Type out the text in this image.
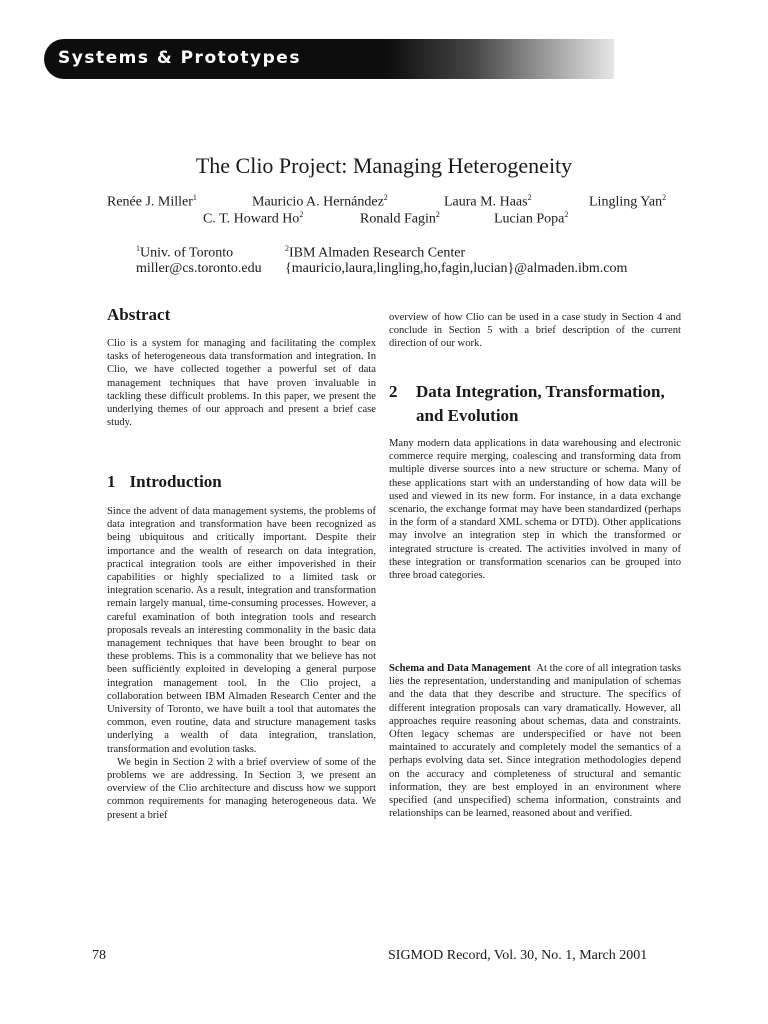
Systems & Prototypes
The Clio Project: Managing Heterogeneity
Renée J. Miller$^1$	Mauricio A. Hernández$^2$	Laura M. Haas$^2$	Lingling Yan$^2$
C. T. Howard Ho$^2$	Ronald Fagin$^2$	Lucian Popa$^2$
$^1$Univ. of Toronto
miller@cs.toronto.edu
$^2$IBM Almaden Research Center
{mauricio,laura,lingling,ho,fagin,lucian}@almaden.ibm.com
Abstract

Clio is a system for managing and facilitating the complex tasks of heterogeneous data transformation and integration. In Clio, we have collected together a powerful set of data management techniques that have proven invaluable in tackling these difficult problems. In this paper, we present the underlying themes of our approach and present a brief case study.

1 Introduction

Since the advent of data management systems, the problems of data integration and transformation have been recognized as being ubiquitous and critically important. Despite their importance and the wealth of research on data integration, practical integration tools are either impoverished in their capabilities or highly specialized to a limited task or integration scenario. As a result, integration and transformation remain largely manual, time-consuming processes. However, a careful examination of both integration tools and research proposals reveals an interesting commonality in the basic data management techniques that have been brought to bear on these problems. This is a commonality that we believe has not been sufficiently exploited in developing a general purpose integration management tool. In the Clio project, a collaboration between IBM Almaden Research Center and the University of Toronto, we have built a tool that automates the common, even routine, data and structure management tasks underlying a wealth of data integration, translation, transformation and evolution tasks.

We begin in Section 2 with a brief overview of some of the problems we are addressing. In Section 3, we present an overview of the Clio architecture and discuss how we support common requirements for managing heterogeneous data. We present a brief

overview of how Clio can be used in a case study in Section 4 and conclude in Section 5 with a brief description of the current direction of our work.

2 Data Integration, Transformation, and Evolution

Many modern data applications in data warehousing and electronic commerce require merging, coalescing and transforming data from multiple diverse sources into a new structure or schema. Many of these applications start with an understanding of how data will be used and viewed in its new form. For instance, in a data exchange scenario, the exchange format may have been standardized (perhaps in the form of a standard XML schema or DTD). Other applications may involve an integration step in which the transformed or integrated structure is created. The activities involved in many of these integration or transformation scenarios can be grouped into three broad categories.

Schema and Data Management At the core of all integration tasks lies the representation, understanding and manipulation of schemas and the data that they describe and structure. The specifics of different integration proposals can vary dramatically. However, all approaches require reasoning about schemas, data and constraints. Often legacy schemas are underspecified or have not been maintained to accurately and completely model the semantics of a perhaps evolving data set. Since integration methodologies depend on the accuracy and completeness of structural and semantic information, they are best employed in an environment where specified (and unspecified) schema information, constraints and relationships can be learned, reasoned about and verified.

78	SIGMOD Record, Vol. 30, No. 1, March 2001
